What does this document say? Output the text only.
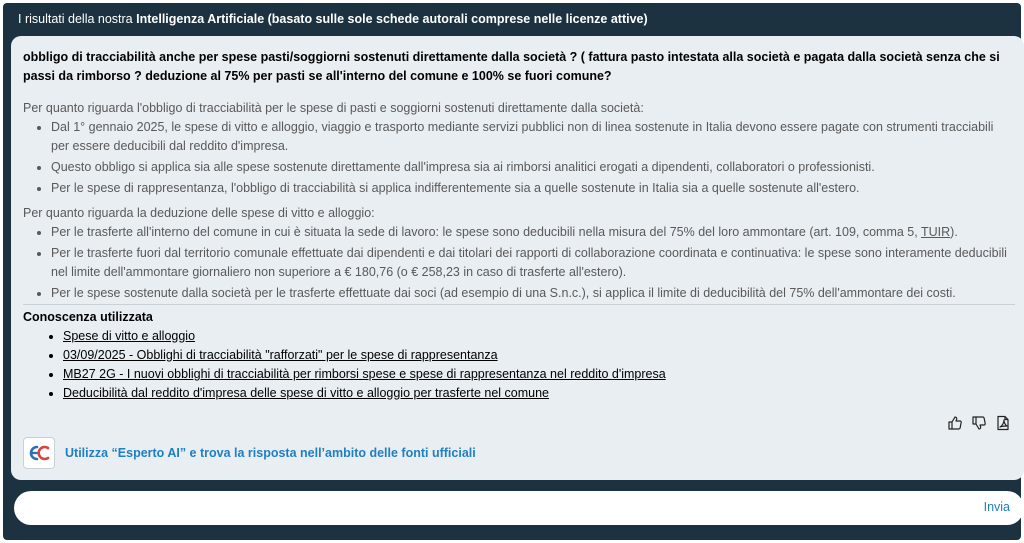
I risultati della nostra Intelligenza Artificiale (basato sulle sole schede autorali comprese nelle licenze attive)
obbligo di tracciabilità anche per spese pasti/soggiorni sostenuti direttamente dalla società ? ( fattura pasto intestata alla società e pagata dalla società senza che si passi da rimborso ? deduzione al 75% per pasti se all'interno del comune e 100% se fuori comune?

Per quanto riguarda l'obbligo di tracciabilità per le spese di pasti e soggiorni sostenuti direttamente dalla società:

• Dal 1° gennaio 2025, le spese di vitto e alloggio, viaggio e trasporto mediante servizi pubblici non di linea sostenute in Italia devono essere pagate con strumenti tracciabili per essere deducibili dal reddito d'impresa.
• Questo obbligo si applica sia alle spese sostenute direttamente dall'impresa sia ai rimborsi analitici erogati a dipendenti, collaboratori o professionisti.
• Per le spese di rappresentanza, l'obbligo di tracciabilità si applica indifferentemente sia a quelle sostenute in Italia sia a quelle sostenute all'estero.

Per quanto riguarda la deduzione delle spese di vitto e alloggio:

• Per le trasferte all'interno del comune in cui è situata la sede di lavoro: le spese sono deducibili nella misura del 75% del loro ammontare (art. 109, comma 5, TUIR).
• Per le trasferte fuori dal territorio comunale effettuate dai dipendenti e dai titolari dei rapporti di collaborazione coordinata e continuativa: le spese sono interamente deducibili nel limite dell'ammontare giornaliero non superiore a € 180,76 (o € 258,23 in caso di trasferte all'estero).
• Per le spese sostenute dalla società per le trasferte effettuate dai soci (ad esempio di una S.n.c.), si applica il limite di deducibilità del 75% dell'ammontare dei costi.
Conoscenza utilizzata
• Spese di vitto e alloggio
• 03/09/2025 - Obblighi di tracciabilità "rafforzati" per le spese di rappresentanza
• MB27 2G - I nuovi obblighi di tracciabilità per rimborsi spese e spese di rappresentanza nel reddito d'impresa
• Deducibilità dal reddito d'impresa delle spese di vitto e alloggio per trasferte nel comune
Utilizza “Esperto AI” e trova la risposta nell’ambito delle fonti ufficiali
Invia
